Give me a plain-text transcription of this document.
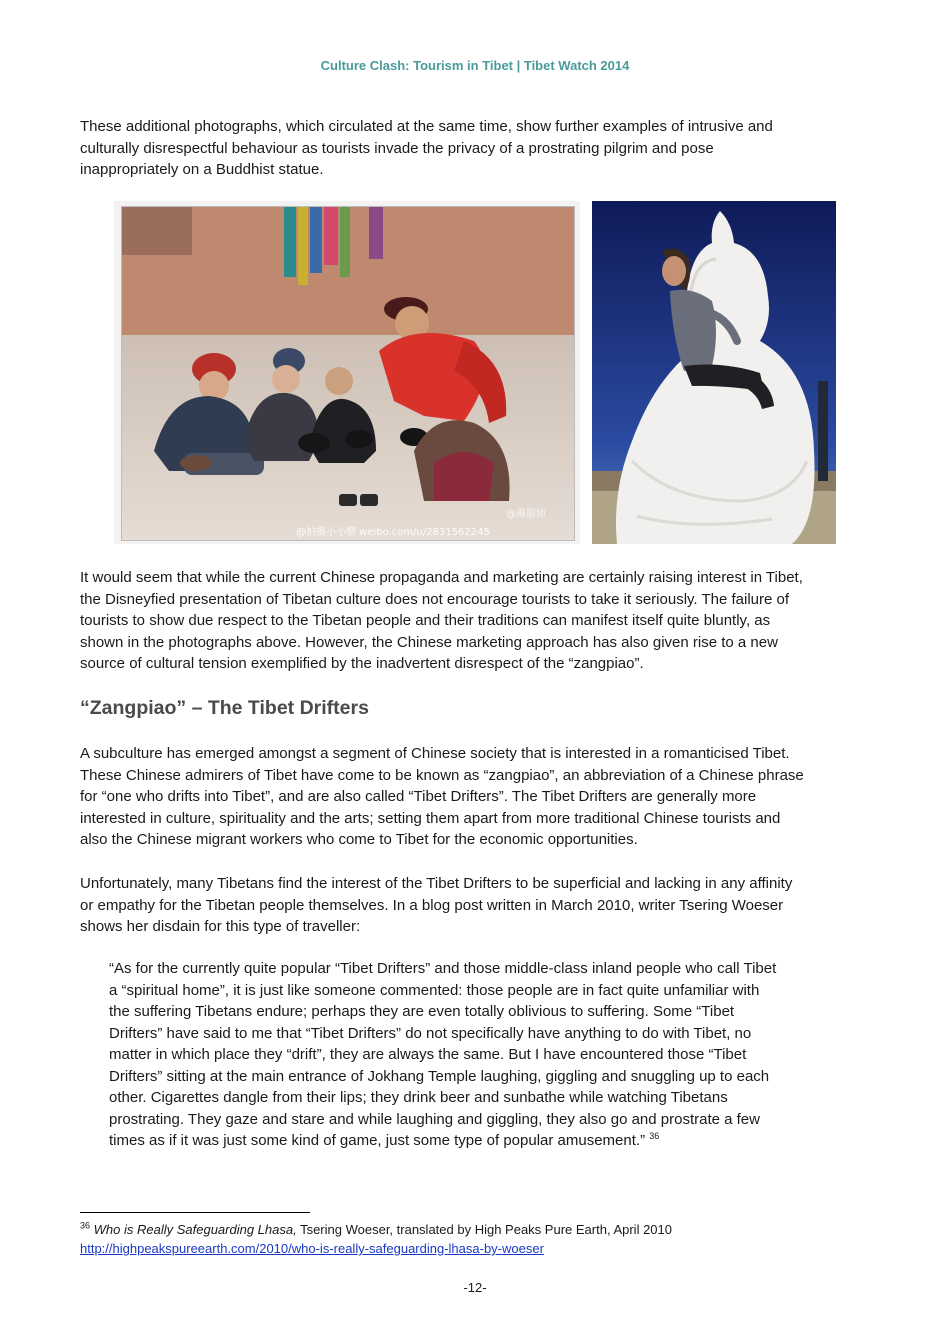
Culture Clash: Tourism in Tibet | Tibet Watch 2014
These additional photographs, which circulated at the same time, show further examples of intrusive and
culturally disrespectful behaviour as tourists invade the privacy of a prostrating pilgrim and pose
inappropriately on a Buddhist statue.
@拍摄小小僧 weibo.com/u/2831562245
@摄影师
It would seem that while the current Chinese propaganda and marketing are certainly raising interest in Tibet,
the Disneyfied presentation of Tibetan culture does not encourage tourists to take it seriously. The failure of
tourists to show due respect to the Tibetan people and their traditions can manifest itself quite bluntly, as
shown in the photographs above. However, the Chinese marketing approach has also given rise to a new
source of cultural tension exemplified by the inadvertent disrespect of the “zangpiao”.
“Zangpiao” – The Tibet Drifters
A subculture has emerged amongst a segment of Chinese society that is interested in a romanticised Tibet.
These Chinese admirers of Tibet have come to be known as “zangpiao”, an abbreviation of a Chinese phrase
for “one who drifts into Tibet”, and are also called “Tibet Drifters”. The Tibet Drifters are generally more
interested in culture, spirituality and the arts; setting them apart from more traditional Chinese tourists and
also the Chinese migrant workers who come to Tibet for the economic opportunities.
Unfortunately, many Tibetans find the interest of the Tibet Drifters to be superficial and lacking in any affinity
or empathy for the Tibetan people themselves. In a blog post written in March 2010, writer Tsering Woeser
shows her disdain for this type of traveller:
“As for the currently quite popular “Tibet Drifters” and those middle-class inland people who call Tibet
a “spiritual home”, it is just like someone commented: those people are in fact quite unfamiliar with
the suffering Tibetans endure; perhaps they are even totally oblivious to suffering. Some “Tibet
Drifters” have said to me that “Tibet Drifters” do not specifically have anything to do with Tibet, no
matter in which place they “drift”, they are always the same. But I have encountered those “Tibet
Drifters” sitting at the main entrance of Jokhang Temple laughing, giggling and snuggling up to each
other. Cigarettes dangle from their lips; they drink beer and sunbathe while watching Tibetans
prostrating. They gaze and stare and while laughing and giggling, they also go and prostrate a few
times as if it was just some kind of game, just some type of popular amusement.” $^{36}$
$^{36}$ Who is Really Safeguarding Lhasa, Tsering Woeser, translated by High Peaks Pure Earth, April 2010
http://highpeakspureearth.com/2010/who-is-really-safeguarding-lhasa-by-woeser
-12-
